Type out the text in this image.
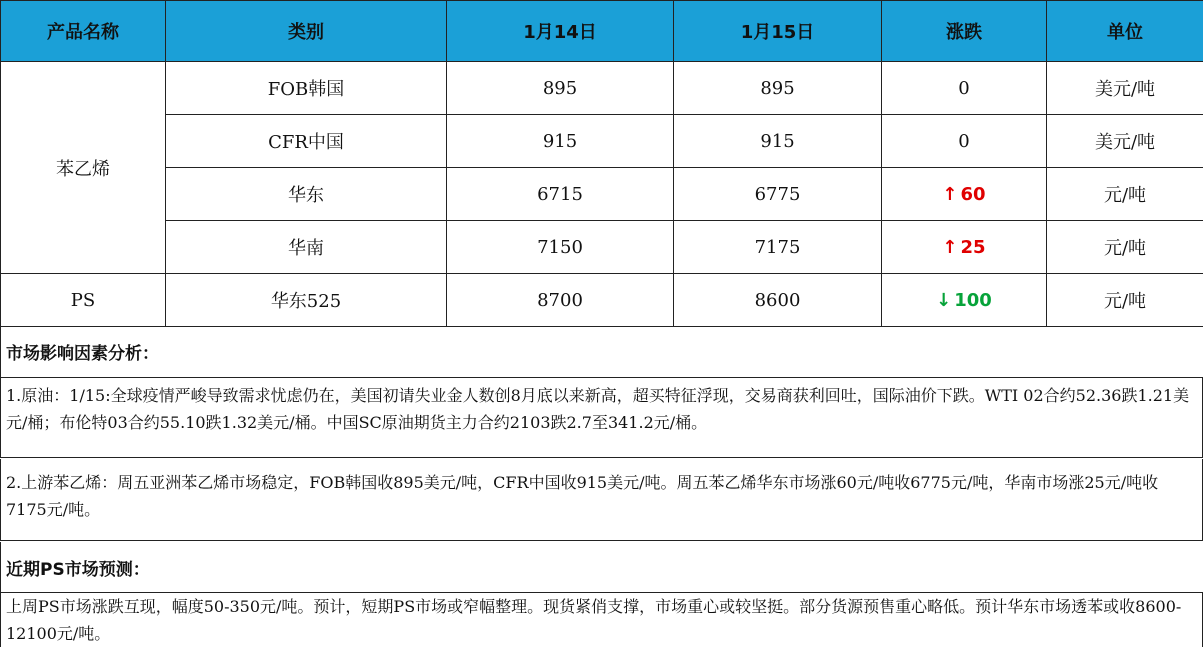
产品名称	类别	1月14日	1月15日	涨跌	单位
苯乙烯	FOB韩国	895	895	0	美元/吨
	CFR中国	915	915	0	美元/吨
	华东	6715	6775	↑ 60	元/吨
	华南	7150	7175	↑ 25	元/吨
PS	华东525	8700	8600	↓ 100	元/吨
市场影响因素分析：
1.原油：1/15:全球疫情严峻导致需求忧虑仍在，美国初请失业金人数创8月底以来新高，超买特征浮现，交易商获利回吐，国际油价下跌。WTI 02合约52.36跌1.21美元/桶；布伦特03合约55.10跌1.32美元/桶。中国SC原油期货主力合约2103跌2.7至341.2元/桶。
2.上游苯乙烯：周五亚洲苯乙烯市场稳定，FOB韩国收895美元/吨，CFR中国收915美元/吨。周五苯乙烯华东市场涨60元/吨收6775元/吨，华南市场涨25元/吨收7175元/吨。
近期PS市场预测：
上周PS市场涨跌互现，幅度50-350元/吨。预计，短期PS市场或窄幅整理。现货紧俏支撑，市场重心或较坚挺。部分货源预售重心略低。预计华东市场透苯或收8600-12100元/吨。
